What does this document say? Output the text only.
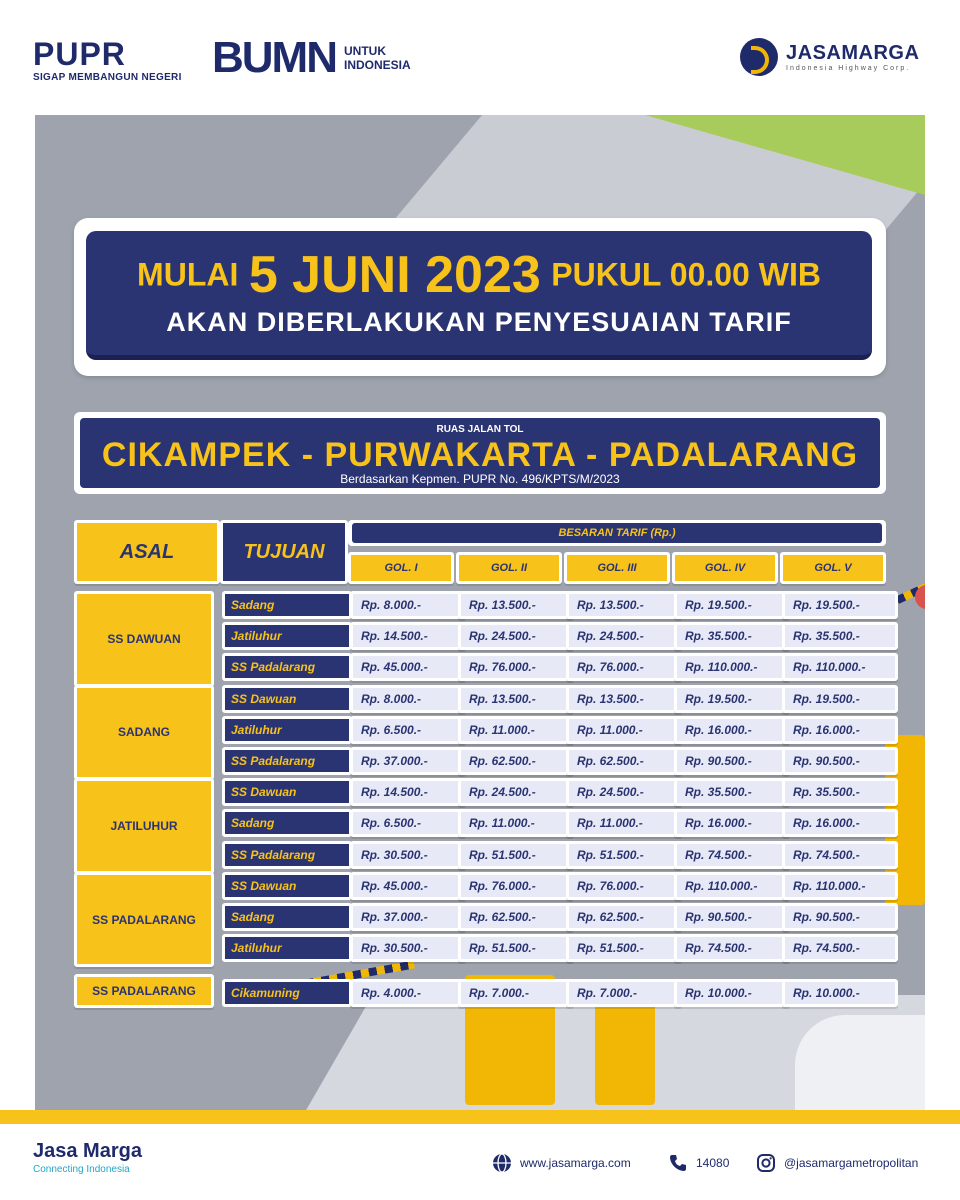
PUPR
SIGAP MEMBANGUN NEGERI BUMN UNTUK
INDONESIA
JASAMARGA
Indonesia Highway Corp.
MULAI 5 JUNI 2023 PUKUL 00.00 WIB
AKAN DIBERLAKUKAN PENYESUAIAN TARIF
RUAS JALAN TOL
CIKAMPEK - PURWAKARTA - PADALARANG
Berdasarkan Kepmen. PUPR No. 496/KPTS/M/2023
ASAL	TUJUAN
BESARAN TARIF (Rp.)
GOL. I	GOL. II	GOL. III	GOL. IV	GOL. V
SS DAWUAN
Sadang	Rp. 8.000.-	Rp. 13.500.-	Rp. 13.500.-	Rp. 19.500.-	Rp. 19.500.-
Jatiluhur	Rp. 14.500.-	Rp. 24.500.-	Rp. 24.500.-	Rp. 35.500.-	Rp. 35.500.-
SS Padalarang	Rp. 45.000.-	Rp. 76.000.-	Rp. 76.000.-	Rp. 110.000.-	Rp. 110.000.-
SADANG
SS Dawuan	Rp. 8.000.-	Rp. 13.500.-	Rp. 13.500.-	Rp. 19.500.-	Rp. 19.500.-
Jatiluhur	Rp. 6.500.-	Rp. 11.000.-	Rp. 11.000.-	Rp. 16.000.-	Rp. 16.000.-
SS Padalarang	Rp. 37.000.-	Rp. 62.500.-	Rp. 62.500.-	Rp. 90.500.-	Rp. 90.500.-
JATILUHUR
SS Dawuan	Rp. 14.500.-	Rp. 24.500.-	Rp. 24.500.-	Rp. 35.500.-	Rp. 35.500.-
Sadang	Rp. 6.500.-	Rp. 11.000.-	Rp. 11.000.-	Rp. 16.000.-	Rp. 16.000.-
SS Padalarang	Rp. 30.500.-	Rp. 51.500.-	Rp. 51.500.-	Rp. 74.500.-	Rp. 74.500.-
SS PADALARANG
SS Dawuan	Rp. 45.000.-	Rp. 76.000.-	Rp. 76.000.-	Rp. 110.000.-	Rp. 110.000.-
Sadang	Rp. 37.000.-	Rp. 62.500.-	Rp. 62.500.-	Rp. 90.500.-	Rp. 90.500.-
Jatiluhur	Rp. 30.500.-	Rp. 51.500.-	Rp. 51.500.-	Rp. 74.500.-	Rp. 74.500.-
SS PADALARANG	Cikamuning	Rp. 4.000.-	Rp. 7.000.-	Rp. 7.000.-	Rp. 10.000.-	Rp. 10.000.-
Jasa Marga
Connecting Indonesia	www.jasamarga.com	14080	@jasamargametropolitan
